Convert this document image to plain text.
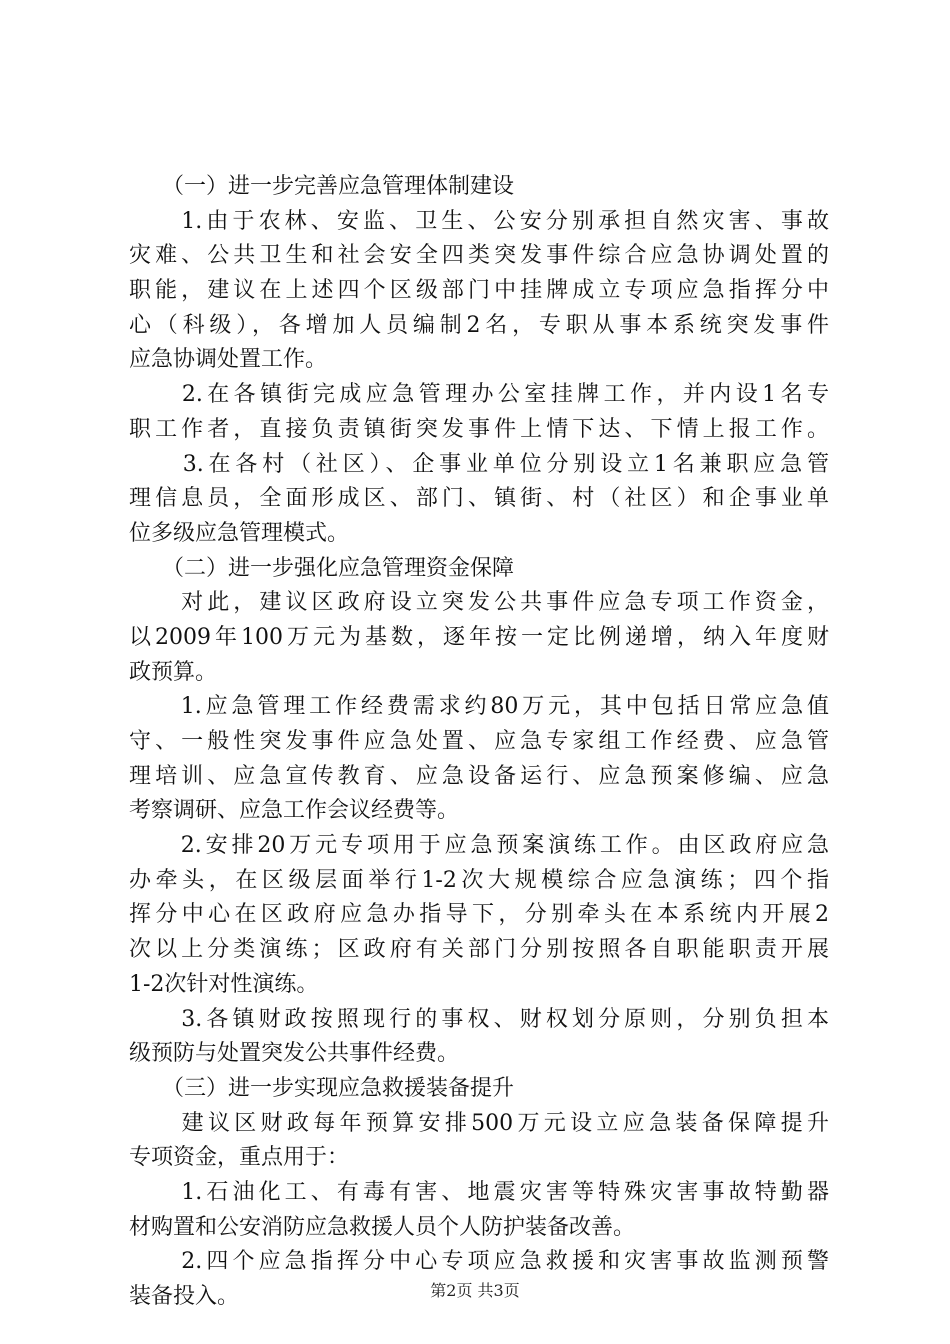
　　（一）进一步完善应急管理体制建设
　　1.由于农林、安监、卫生、公安分别承担自然灾害、事故
灾难、公共卫生和社会安全四类突发事件综合应急协调处置的
职能，建议在上述四个区级部门中挂牌成立专项应急指挥分中
心（科级），各增加人员编制2名，专职从事本系统突发事件
应急协调处置工作。
　　2.在各镇街完成应急管理办公室挂牌工作，并内设1名专
职工作者，直接负责镇街突发事件上情下达、下情上报工作。
　　3.在各村（社区）、企事业单位分别设立1名兼职应急管
理信息员，全面形成区、部门、镇街、村（社区）和企事业单
位多级应急管理模式。
　　（二）进一步强化应急管理资金保障
　　对此，建议区政府设立突发公共事件应急专项工作资金，
以2009年100万元为基数，逐年按一定比例递增，纳入年度财
政预算。
　　1.应急管理工作经费需求约80万元，其中包括日常应急值
守、一般性突发事件应急处置、应急专家组工作经费、应急管
理培训、应急宣传教育、应急设备运行、应急预案修编、应急
考察调研、应急工作会议经费等。
　　2.安排20万元专项用于应急预案演练工作。由区政府应急
办牵头，在区级层面举行1-2次大规模综合应急演练；四个指
挥分中心在区政府应急办指导下，分别牵头在本系统内开展2
次以上分类演练；区政府有关部门分别按照各自职能职责开展
1-2次针对性演练。
　　3.各镇财政按照现行的事权、财权划分原则，分别负担本
级预防与处置突发公共事件经费。
　　（三）进一步实现应急救援装备提升
　　建议区财政每年预算安排500万元设立应急装备保障提升
专项资金，重点用于：
　　1.石油化工、有毒有害、地震灾害等特殊灾害事故特勤器
材购置和公安消防应急救援人员个人防护装备改善。
　　2.四个应急指挥分中心专项应急救援和灾害事故监测预警
装备投入。	第2页 共3页
